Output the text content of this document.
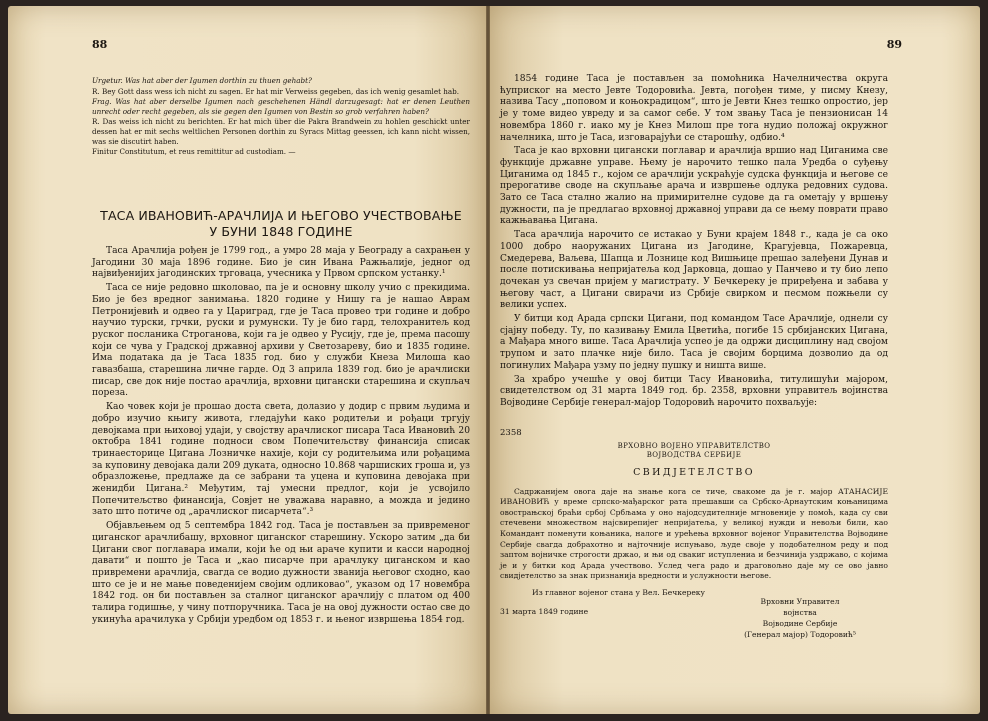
88

Urgetur. Was hat aber der Igumen dorthin zu thuen gehabt?

R. Bey Gott dass wess ich nicht zu sagen. Er hat mir Verweiss gegeben, das ich wenig gesamlet hab.

Frag. Was hat aber derselbe Igumen nach geschehenen Händl darzugesagt: hat er denen Leuthen unrecht oder recht gegeben, als sie gegen den Igumen von Bestin so grob verfahren haben?

R. Das weiss ich nicht zu berichten. Er hat mich über die Pakra Brandwein zu hohlen geschickt unter dessen hat er mit sechs weltlichen Personen dorthin zu Syracs Mittag geessen, ich kann nicht wissen, was sie discutirt haben.

Finitur Constitutum, et reus remittitur ad custodiam. —

ТАСА ИВАНОВИЋ-АРАЧЛИЈА И ЊЕГОВО УЧЕСТВОВАЊЕ
У БУНИ 1848 ГОДИНЕ

Таса Арачлија рођен је 1799 год., а умро 28 маја у Београду а сахрањен у Јагодини 30 маја 1896 године. Био је син Ивана Ражњалије, једног од највиђенијих јагодинских трговаца, учесника у Првом српском устанку.¹

Таса се није редовно школовао, па је и основну школу учио с прекидима. Био је без вредног занимања. 1820 године у Нишу га је нашао Аврам Петронијевић и одвео га у Цариград, где је Таса провео три године и добро научио турски, грчки, руски и румунски. Ту је био гард, телохранитељ код руског посланика Строганова, који га је одвео у Русију, где је, према пасошу који се чува у Градској државној архиви у Светозареву, био и 1835 године. Има података да је Таса 1835 год. био у служби Кнеза Милоша као гавазбаша, старешина личне гарде. Од 3 априла 1839 год. био је арачлиски писар, све док није постао арачлија, врховни цигански старешина и скупљач пореза.

Као човек који је прошао доста света, долазио у додир с првим људима и добро изучио књигу живота, гледајући како родитељи и рођаци тргују девојкама при њиховој удаји, у својству арачлиског писара Таса Ивановић 20 октобра 1841 године подноси свом Попечитељству финансија списак тринаесторице Цигана Лозничке нахије, који су родитељима или рођацима за куповину девојака дали 209 дуката, односно 10.868 чаршиских гроша и, уз образложење, предлаже да се забрани та уцена и куповина девојака при женидби Цигана.² Међутим, тај умесни предлог, који је усвојило Попечитељство финансија, Совјет не уважава наравно, а можда и једино зато што потиче од „арачлиског писарчета“.³

Објављењем од 5 септембра 1842 год. Таса је постављен за привременог циганског арачлибашу, врховног циганског старешину. Ускоро затим „да би Цигани свог поглавара имали, који ће од њи араче купити и касси народној давати“ и пошто је Таса и „као писарче при арачлуку циганском и као привремени арачлија, свагда се водио дужности званија његовог сходно, као што се је и не мање поведенијем својим одликовао“, указом од 17 новембра 1842 год. он би постављен за сталног циганског арачлију с платом од 400 талира годишње, у чину потпоручника. Таса је на овој дужности остао све до укинућа арачилука у Србији уредбом од 1853 г. и њеног извршења 1854 год.

89

1854 године Таса је постављен за помоћника Начелничества округа ћуприског на место Јевте Тодоровића. Јевта, погођен тиме, у писму Кнезу, назива Тасу „поповом и коњокрадицом“, што је Јевти Кнез тешко опростио, јер је у томе видео увреду и за самог себе. У том звању Таса је пензионисан 14 новембра 1860 г. иако му је Кнез Милош пре тога нудио положај окружног начелника, што је Таса, изговарајући се старошћу, одбио.⁴

Таса је као врховни цигански поглавар и арачлија вршио над Циганима све функције државне управе. Њему је нарочито тешко пала Уредба о суђењу Циганима од 1845 г., којом се арачлији ускраћује судска функција и његове се прерогативе своде на скупљање арача и извршење одлука редовних судова. Зато се Таса стално жалио на примирителне судове да га ометају у вршењу дужности, па је предлагао врховној државној управи да се њему поврати право кажњавања Цигана.

Таса арачлија нарочито се истакао у Буни крајем 1848 г., када је са око 1000 добро наоружаних Цигана из Јагодине, Крагујевца, Пожаревца, Смедерева, Ваљева, Шапца и Лознице код Вишњице прешао залеђени Дунав и после потискивања непријатеља код Јарковца, дошао у Панчево и ту био лепо дочекан уз свечан пријем у магистрату. У Бечкереку је приређена и забава у његову част, а Цигани свирачи из Србије свирком и песмом пожњели су велики успех.

У битци код Арада српски Цигани, под командом Тасе Арачлије, однели су сјајну победу. Ту, по казивању Емила Цветића, погибе 15 србијанских Цигана, а Мађара много више. Таса Арачлија успео је да одржи дисциплину над својом трупом и зато плачке није било. Таса је својим борцима дозволио да од погинулих Мађара узму по једну пушку и ништа више.

За храбро учешће у овој битци Тасу Ивановића, титулишући мајором, свидетелством од 31 марта 1849 год. бр. 2358, врховни управитељ војинства Војводине Сербије генерал-мајор Тодоровић нарочито похваљује:

2358
ВРХОВНО ВОЈЕНО УПРАВИТЕЛСТВО
ВОЈВОДСТВА СЕРБИЈЕ
СВИДЈЕТЕЛСТВО

Садржанијем овога даје на знање кога се тиче, свакоме да је г. мајор АТАНАСИЈЕ ИВАНОВИЋ у време српско-мађарског рата прешавши са Србско-Арнаутским коњаницима овострањској браћи србој Србљама у оно најодсудителније мгновеније у помоћ, када су сви стечевени множеством најсвирепијег непријатеља, у великој нужди и невољи били, као Командант поменути коњаника, налоге и урећења врховног војеног Управителства Војводине Сербије свагда добрахотно и најточније испуњаво, људе своје у подобателном реду и под заптом војничке строгости држао, и њи од свакиг иступлениа и безчинија уздржаво, с којима је и у битки код Арада учествово. Услед чега радо и драговољно даје му се ово јавно свидјетелство за знак признанија вредности и услужности његове.

Из главног војеног стана у Вел. Бечкереку

31 марта 1849 године

Врховни Управител
војнства
Војводине Сербије
(Генерал мајор) Тодоровић⁵
